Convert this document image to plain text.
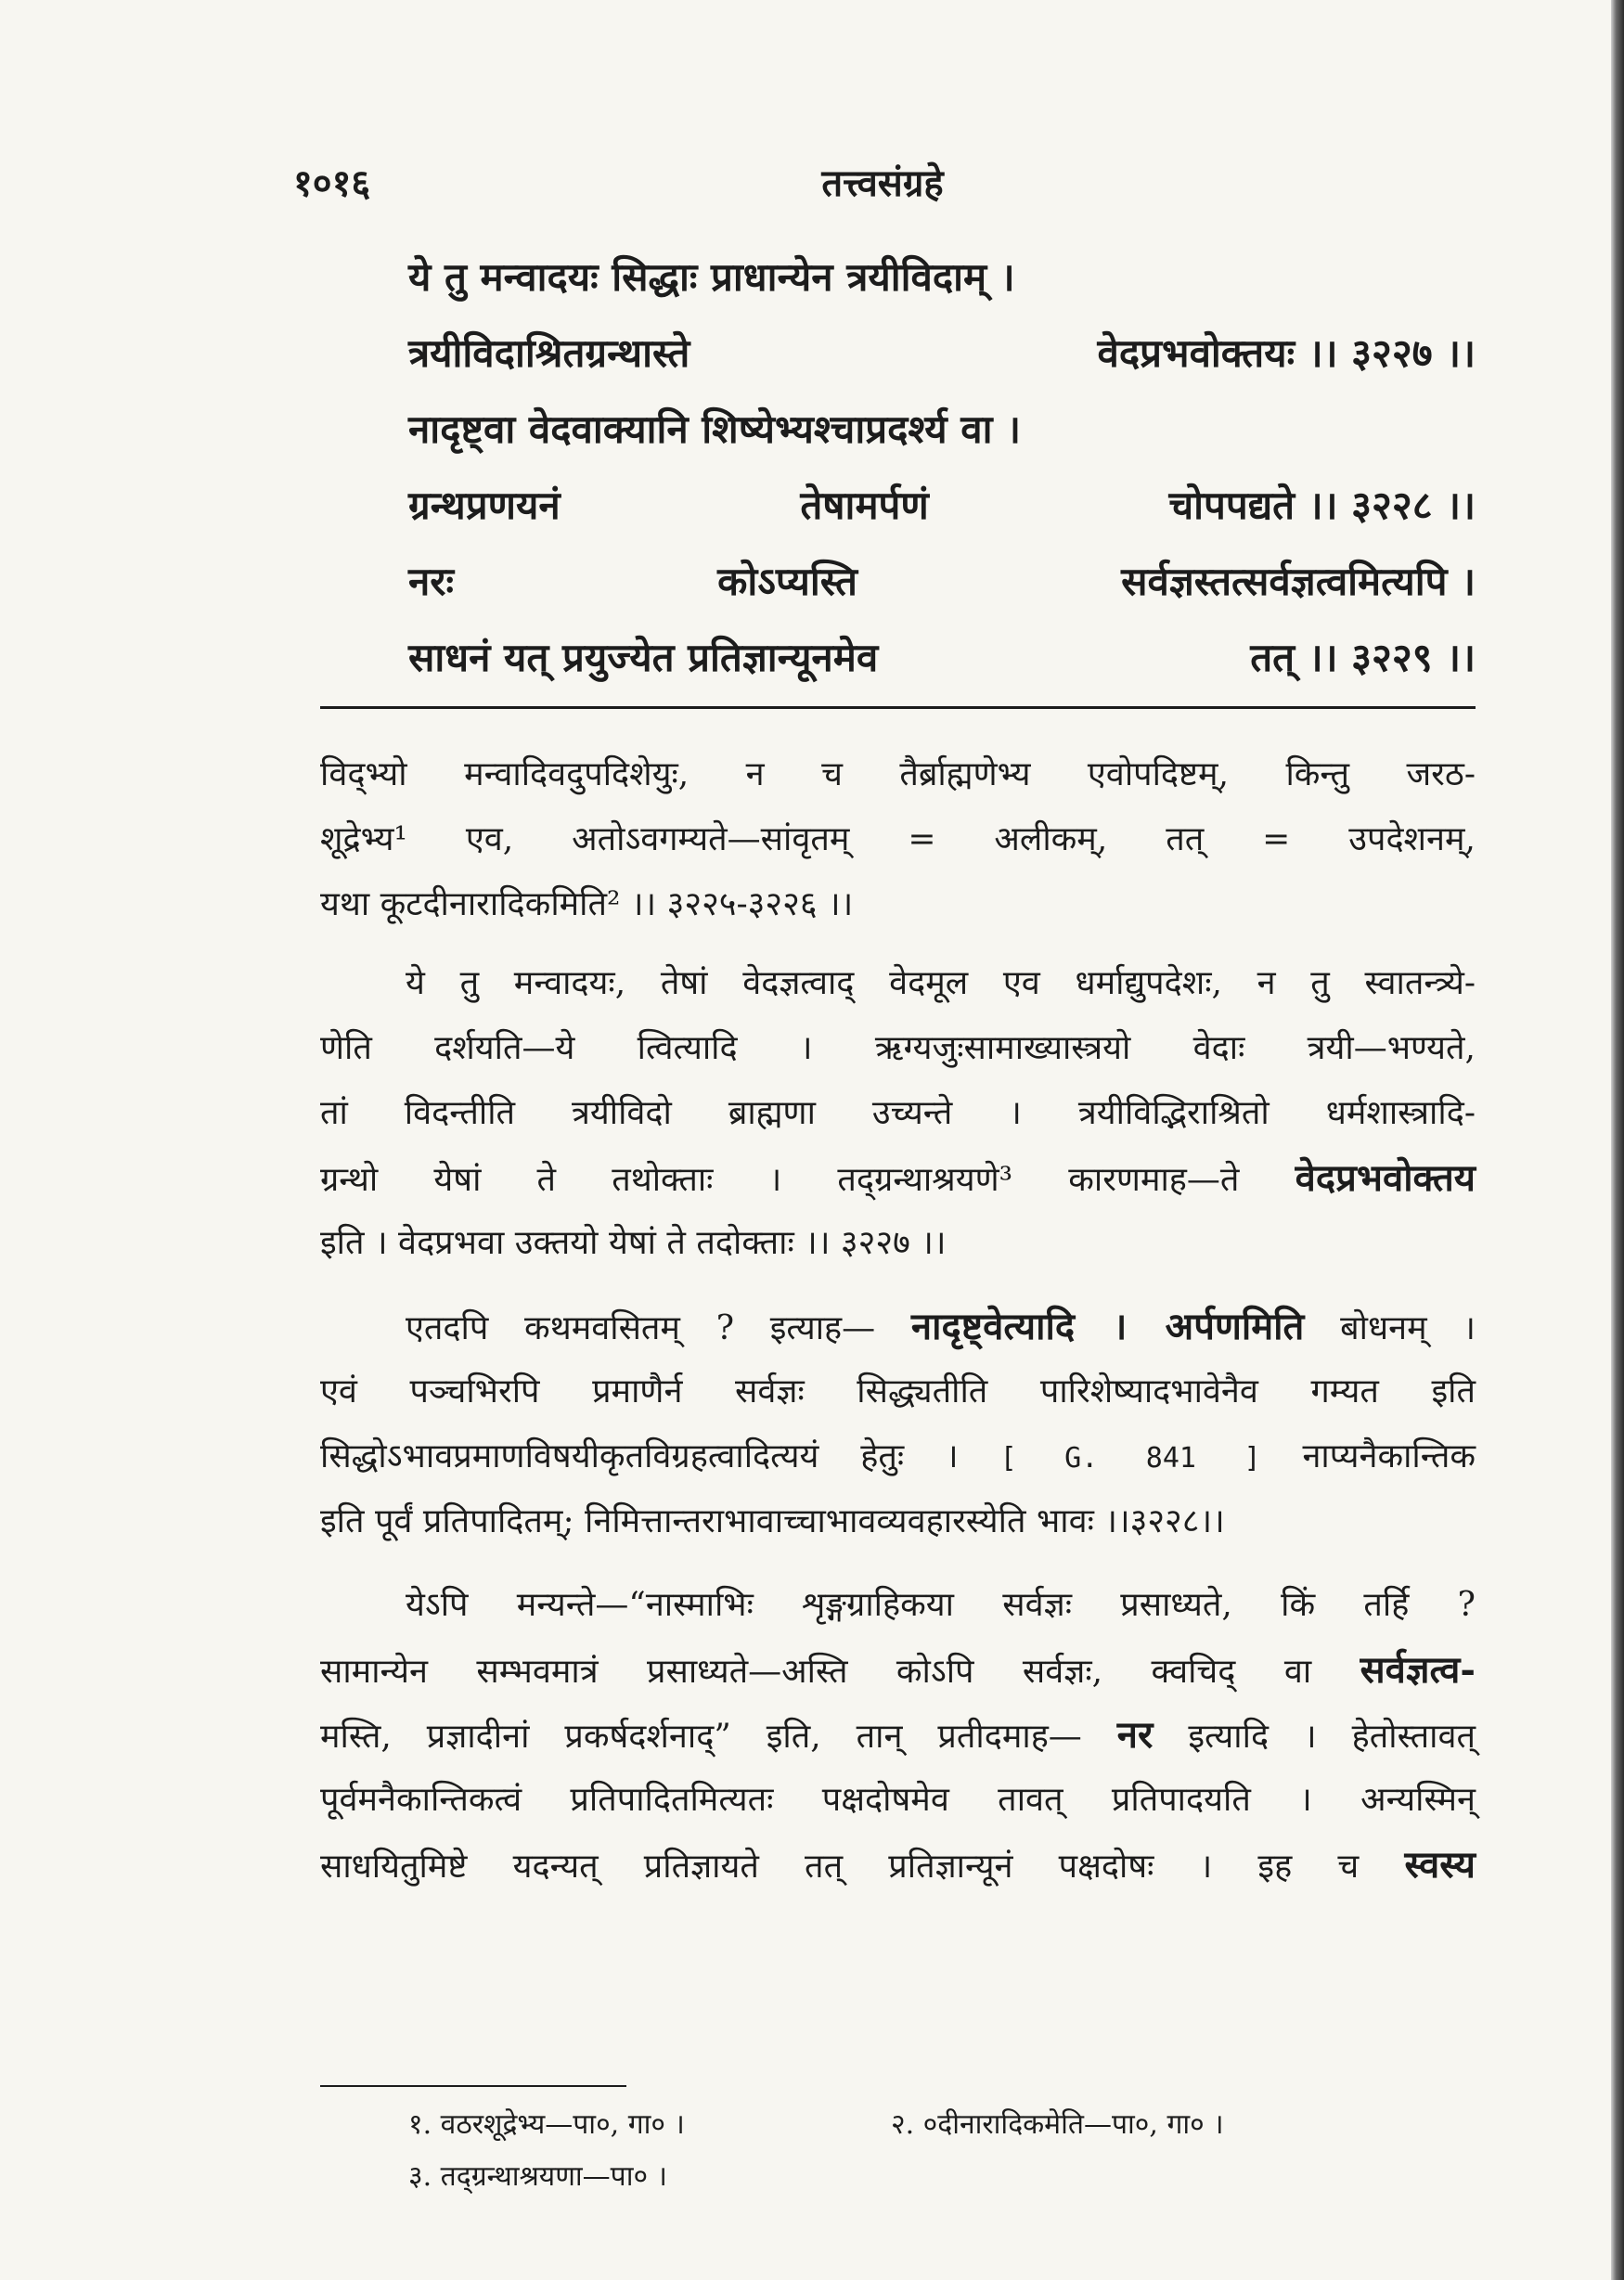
१०१६	तत्त्वसंग्रहे
ये तु मन्वादयः सिद्धाः प्राधान्येन त्रयीविदाम् ।
त्रयीविदाश्रितग्रन्थास्ते	वेदप्रभवोक्तयः ।। ३२२७ ।।
नादृष्ट्वा वेदवाक्यानि शिष्येभ्यश्चाप्रदर्श्य वा ।
ग्रन्थप्रणयनं	तेषामर्पणं	चोपपद्यते ।। ३२२८ ।।
नरः	कोऽप्यस्ति	सर्वज्ञस्तत्सर्वज्ञत्वमित्यपि ।
साधनं यत् प्रयुज्येत प्रतिज्ञान्यूनमेव	तत् ।। ३२२९ ।।
विद्भ्यो मन्वादिवदुपदिशेयुः, न च तैर्ब्राह्मणेभ्य एवोपदिष्टम्, किन्तु जरठ-
शूद्रेभ्य¹ एव, अतोऽवगम्यते—सांवृतम् = अलीकम्, तत् = उपदेशनम्,
यथा कूटदीनारादिकमिति² ।। ३२२५-३२२६ ।।
ये तु मन्वादयः, तेषां वेदज्ञत्वाद् वेदमूल एव धर्माद्युपदेशः, न तु स्वातन्त्र्ये-
णेति दर्शयति—ये त्वित्यादि । ऋग्यजुःसामाख्यास्त्रयो वेदाः त्रयी—भण्यते,
तां विदन्तीति त्रयीविदो ब्राह्मणा उच्यन्ते । त्रयीविद्भिराश्रितो धर्मशास्त्रादि-
ग्रन्थो येषां ते तथोक्ताः । तद्ग्रन्थाश्रयणे³ कारणमाह—ते वेदप्रभवोक्तय
इति । वेदप्रभवा उक्तयो येषां ते तदोक्ताः ।। ३२२७ ।।
एतदपि कथमवसितम् ? इत्याह— नादृष्ट्वेत्यादि । अर्पणमिति बोधनम् ।
एवं पञ्चभिरपि प्रमाणैर्न सर्वज्ञः सिद्ध्यतीति पारिशेष्यादभावेनैव गम्यत इति
सिद्धोऽभावप्रमाणविषयीकृतविग्रहत्वादित्ययं हेतुः । [ G. 841 ] नाप्यनैकान्तिक
इति पूर्वं प्रतिपादितम्; निमित्तान्तराभावाच्चाभावव्यवहारस्येति भावः ।।३२२८।।
येऽपि मन्यन्ते—“नास्माभिः शृङ्गग्राहिकया सर्वज्ञः प्रसाध्यते, किं तर्हि ?
सामान्येन सम्भवमात्रं प्रसाध्यते—अस्ति कोऽपि सर्वज्ञः, क्वचिद् वा सर्वज्ञत्व-
मस्ति, प्रज्ञादीनां प्रकर्षदर्शनाद्” इति, तान् प्रतीदमाह— नर इत्यादि । हेतोस्तावत्
पूर्वमनैकान्तिकत्वं प्रतिपादितमित्यतः पक्षदोषमेव तावत् प्रतिपादयति । अन्यस्मिन्
साधयितुमिष्टे यदन्यत् प्रतिज्ञायते तत् प्रतिज्ञान्यूनं पक्षदोषः । इह च स्वस्य
१. वठरशूद्रेभ्य—पा०, गा० ।	२. ०दीनारादिकमेति—पा०, गा० ।
३. तद्ग्रन्थाश्रयणा—पा० ।
